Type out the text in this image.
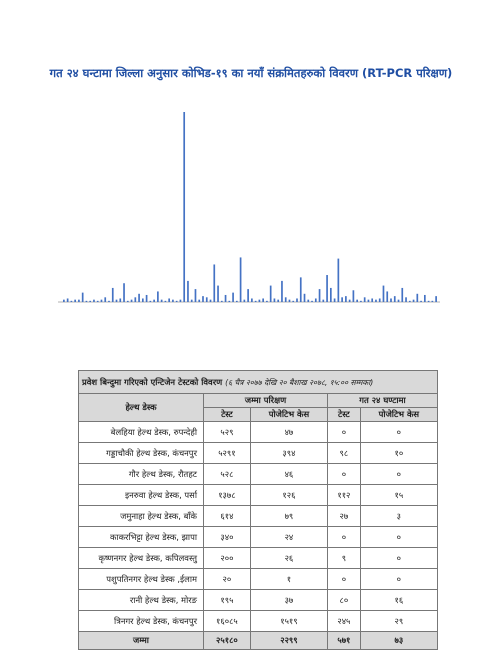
गत २४ घन्टामा जिल्ला अनुसार कोभिड-१९ का नयाँ संक्रमितहरुको विवरण (RT-PCR परिक्षण)
प्रवेश बिन्दुमा गरिएको एन्टिजेन टेस्टको विवरण (६ चैत्र २०७७ देखि २० बैशाख २०७८, १५:०० सम्मका)				
हेल्थ डेस्क	जम्मा परिक्षण		गत २४ घण्टामा	
	टेस्ट	पोजेटिभ केस	टेस्ट	पोजेटिभ केस
बेलहिया हेल्थ डेस्क, रुपन्देही	५२९	४७	०	०
गड्डाचौकी हेल्थ डेस्क, कंचनपुर	५२९१	३९४	९८	१०
गौर हेल्थ डेस्क, रौतहट	५२८	४६	०	०
इनरुवा हेल्थ डेस्क, पर्सा	१३७८	१२६	११२	१५
जमुनाहा हेल्थ डेस्क, बाँके	६१४	७९	२७	३
काकरभिट्टा हेल्थ डेस्क, झापा	३४०	२४	०	०
कृष्णनगर हेल्थ डेस्क, कपिलवस्तु	२००	२६	९	०
पशुपतिनगर हेल्थ डेस्क ,ईलाम	२०	१	०	०
रानी हेल्थ डेस्क, मोरङ	१९५	३७	८०	१६
त्रिनगर हेल्थ डेस्क, कंचनपुर	१६०८५	१५१९	२४५	२९
जम्मा	२५१८०	२२९९	५७१	७३
